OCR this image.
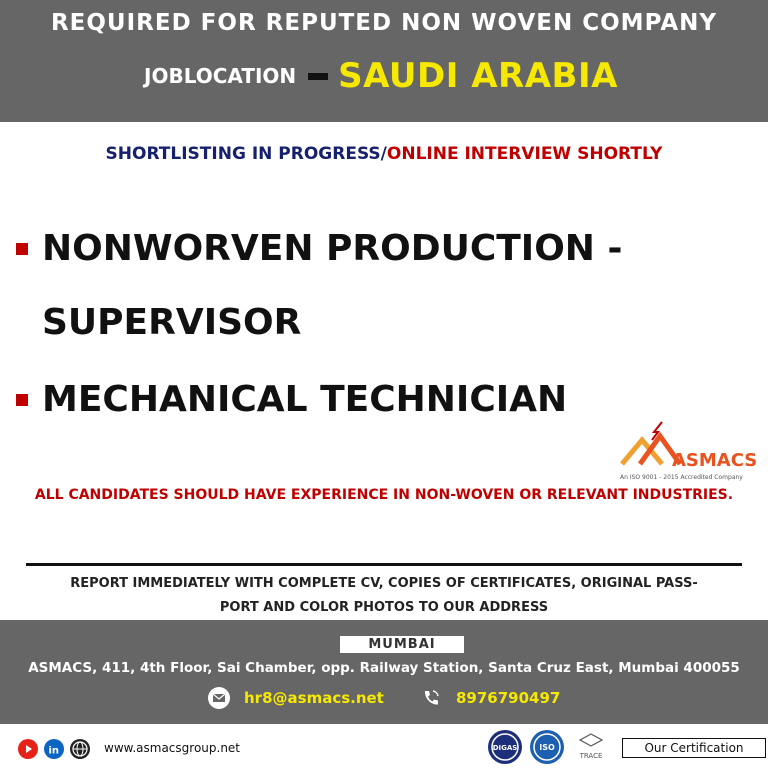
REQUIRED FOR REPUTED NON WOVEN COMPANY
JOBLOCATION SAUDI ARABIA
SHORTLISTING IN PROGRESS/ONLINE INTERVIEW SHORTLY
NONWORVEN PRODUCTION -
SUPERVISOR
MECHANICAL TECHNICIAN
ASMACS
An ISO 9001 - 2015 Accredited Company
ALL CANDIDATES SHOULD HAVE EXPERIENCE IN NON-WOVEN OR RELEVANT INDUSTRIES.
REPORT IMMEDIATELY WITH COMPLETE CV, COPIES OF CERTIFICATES, ORIGINAL PASS-
PORT AND COLOR PHOTOS TO OUR ADDRESS
MUMBAI
ASMACS, 411, 4th Floor, Sai Chamber, opp. Railway Station, Santa Cruz East, Mumbai 400055
hr8@asmacs.net	8976790497
in	www.asmacsgroup.net	DIGAS	ISO
TRACE
Our Certification
